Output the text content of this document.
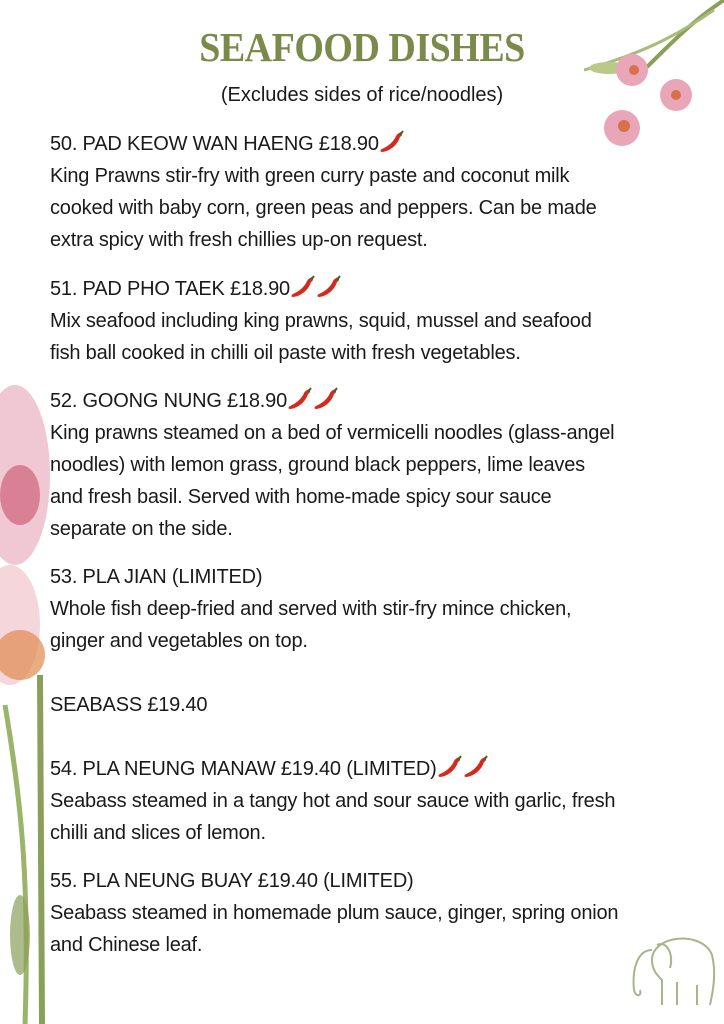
SEAFOOD DISHES
(Excludes sides of rice/noodles)
50. PAD KEOW WAN HAENG £18.90
King Prawns stir-fry with green curry paste and coconut milk
cooked with baby corn, green peas and peppers. Can be made
extra spicy with fresh chillies up-on request.
51. PAD PHO TAEK £18.90
Mix seafood including king prawns, squid, mussel and seafood
fish ball cooked in chilli oil paste with fresh vegetables.
52. GOONG NUNG £18.90
King prawns steamed on a bed of vermicelli noodles (glass-angel
noodles) with lemon grass, ground black peppers, lime leaves
and fresh basil. Served with home-made spicy sour sauce
separate on the side.
53. PLA JIAN (LIMITED)
Whole fish deep-fried and served with stir-fry mince chicken,
ginger and vegetables on top.
SEABASS £19.40
54. PLA NEUNG MANAW £19.40 (LIMITED)
Seabass steamed in a tangy hot and sour sauce with garlic, fresh
chilli and slices of lemon.
55. PLA NEUNG BUAY £19.40 (LIMITED)
Seabass steamed in homemade plum sauce, ginger, spring onion
and Chinese leaf.
